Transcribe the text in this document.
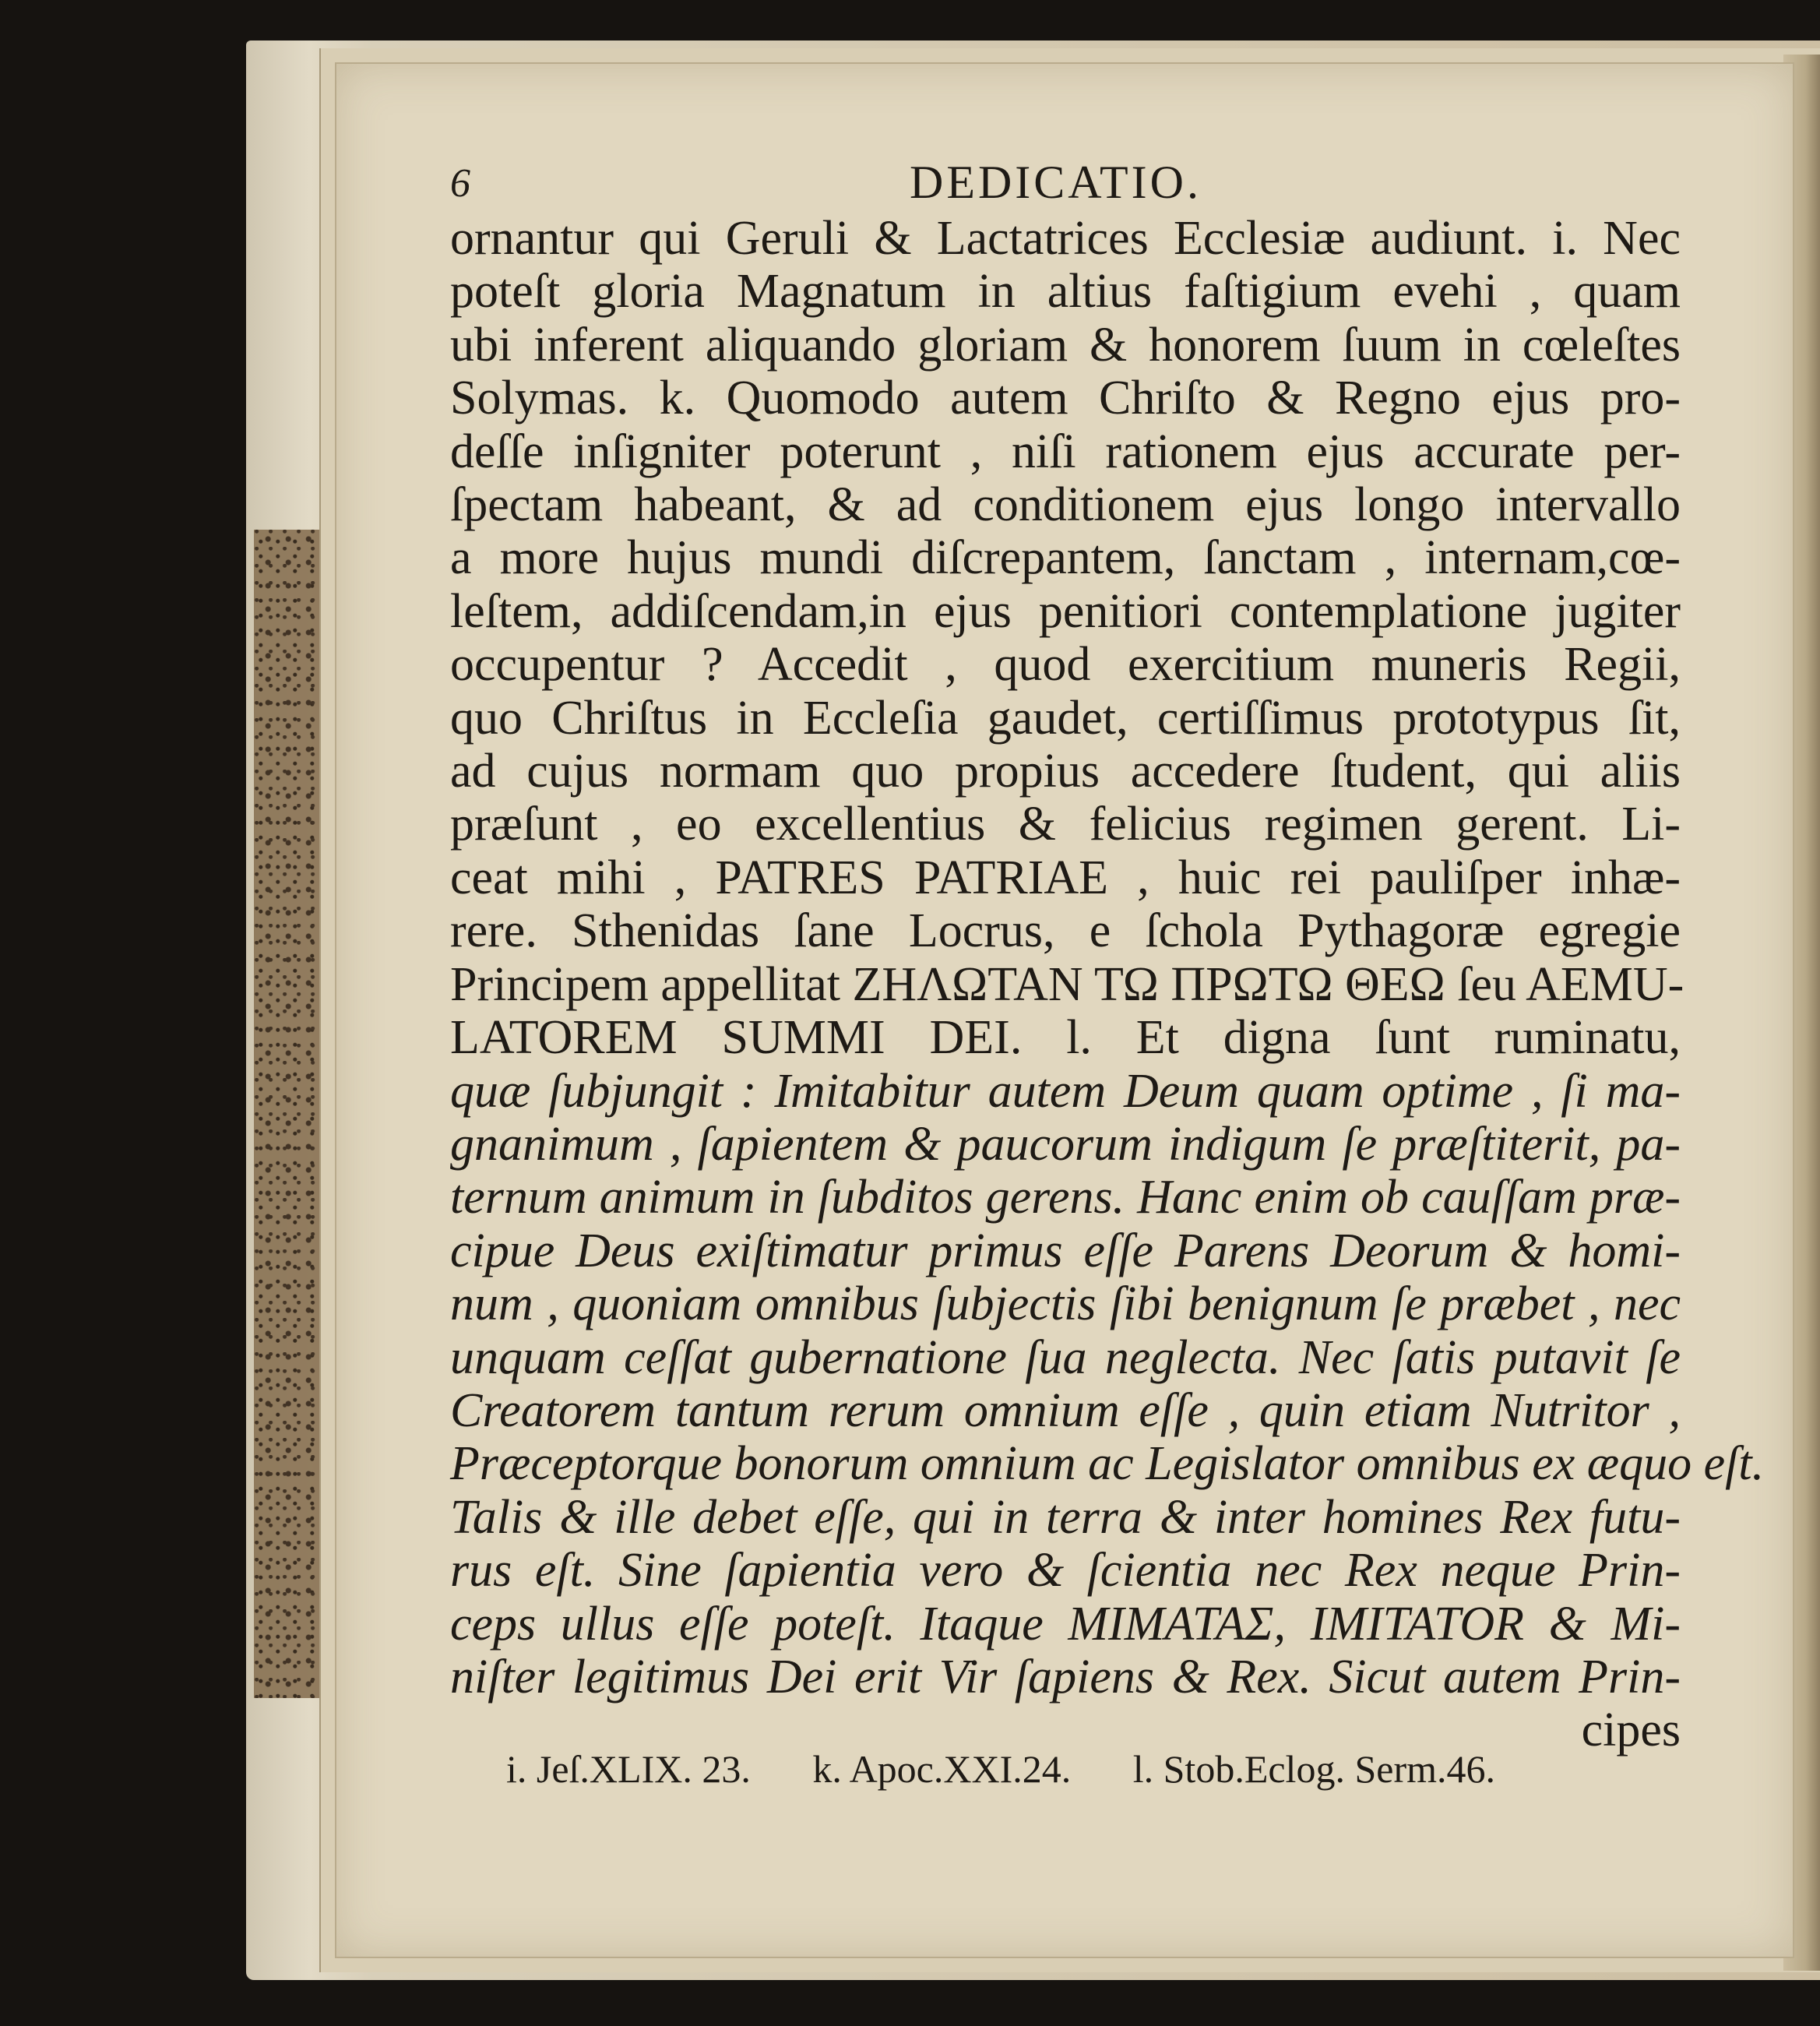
6	DEDICATIO.
ornantur qui Geruli & Lactatrices Ecclesiæ audiunt. i. Nec
poteſt gloria Magnatum in altius faſtigium evehi , quam
ubi inferent aliquando gloriam & honorem ſuum in cœleſtes
Solymas. k. Quomodo autem Chriſto & Regno ejus pro-
deſſe inſigniter poterunt , niſi rationem ejus accurate per-
ſpectam habeant, & ad conditionem ejus longo intervallo
a more hujus mundi diſcrepantem, ſanctam , internam,cœ-
leſtem, addiſcendam,in ejus penitiori contemplatione jugiter
occupentur ? Accedit , quod exercitium muneris Regii,
quo Chriſtus in Eccleſia gaudet, certiſſimus prototypus ſit,
ad cujus normam quo propius accedere ſtudent, qui aliis
præſunt , eo excellentius & felicius regimen gerent. Li-
ceat mihi , PATRES PATRIAE , huic rei pauliſper inhæ-
rere. Sthenidas ſane Locrus, e ſchola Pythagoræ egregie
Principem appellitat ΖΗΛΩΤΑΝ ΤΩ ΠΡΩΤΩ ΘΕΩ ſeu AEMU-
LATOREM SUMMI DEI. l. Et digna ſunt ruminatu,
quæ ſubjungit : Imitabitur autem Deum quam optime , ſi ma-
gnanimum , ſapientem & paucorum indigum ſe præſtiterit, pa-
ternum animum in ſubditos gerens. Hanc enim ob cauſſam præ-
cipue Deus exiſtimatur primus eſſe Parens Deorum & homi-
num , quoniam omnibus ſubjectis ſibi benignum ſe præbet , nec
unquam ceſſat gubernatione ſua neglecta. Nec ſatis putavit ſe
Creatorem tantum rerum omnium eſſe , quin etiam Nutritor ,
Præceptorque bonorum omnium ac Legislator omnibus ex æquo eſt.
Talis & ille debet eſſe, qui in terra & inter homines Rex futu-
rus eſt. Sine ſapientia vero & ſcientia nec Rex neque Prin-
ceps ullus eſſe poteſt. Itaque ΜΙΜΑΤΑΣ, IMITATOR & Mi-
niſter legitimus Dei erit Vir ſapiens & Rex. Sicut autem Prin-
cipes
i. Jeſ.XLIX. 23. k. Apoc.XXI.24. l. Stob.Eclog. Serm.46.
